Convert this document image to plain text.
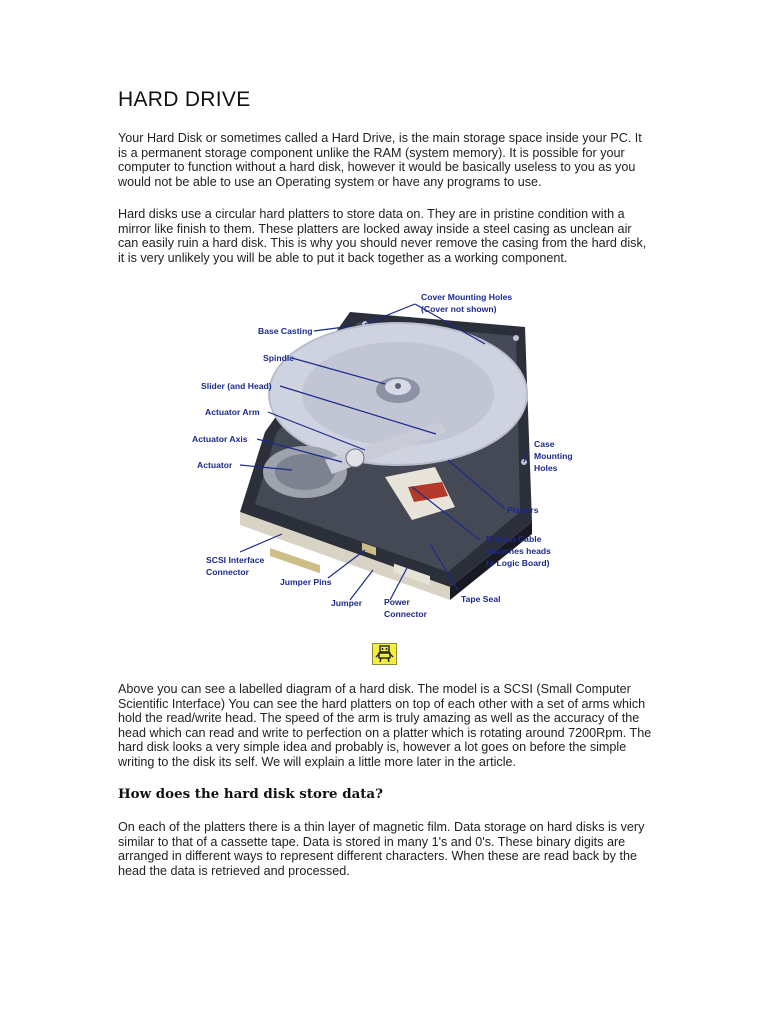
HARD DRIVE

Your Hard Disk or sometimes called a Hard Drive, is the main storage space inside your PC. It is a permanent storage component unlike the RAM (system memory). It is possible for your computer to function without a hard disk, however it would be basically useless to you as you would not be able to use an Operating system or have any programs to use.

Hard disks use a circular hard platters to store data on. They are in pristine condition with a mirror like finish to them. These platters are locked away inside a steel casing as unclean air can easily ruin a hard disk. This is why you should never remove the casing from the hard disk, it is very unlikely you will be able to put it back together as a working component.

Cover Mounting Holes
(Cover not shown)
Base Casting
Spindle
Slider (and Head)
Actuator Arm
Actuator Axis
Actuator
Case
Mounting
Holes
Platters
Ribbon Cable
(attaches heads
to Logic Board)
SCSI Interface
Connector
Jumper Pins
Jumper	Power
Connector
Tape Seal

Above you can see a labelled diagram of a hard disk. The model is a SCSI (Small Computer Scientific Interface) You can see the hard platters on top of each other with a set of arms which hold the read/write head. The speed of the arm is truly amazing as well as the accuracy of the head which can read and write to perfection on a platter which is rotating around 7200Rpm. The hard disk looks a very simple idea and probably is, however a lot goes on before the simple writing to the disk its self. We will explain a little more later in the article.

How does the hard disk store data?

On each of the platters there is a thin layer of magnetic film. Data storage on hard disks is very similar to that of a cassette tape. Data is stored in many 1's and 0's. These binary digits are arranged in different ways to represent different characters. When these are read back by the head the data is retrieved and processed.
